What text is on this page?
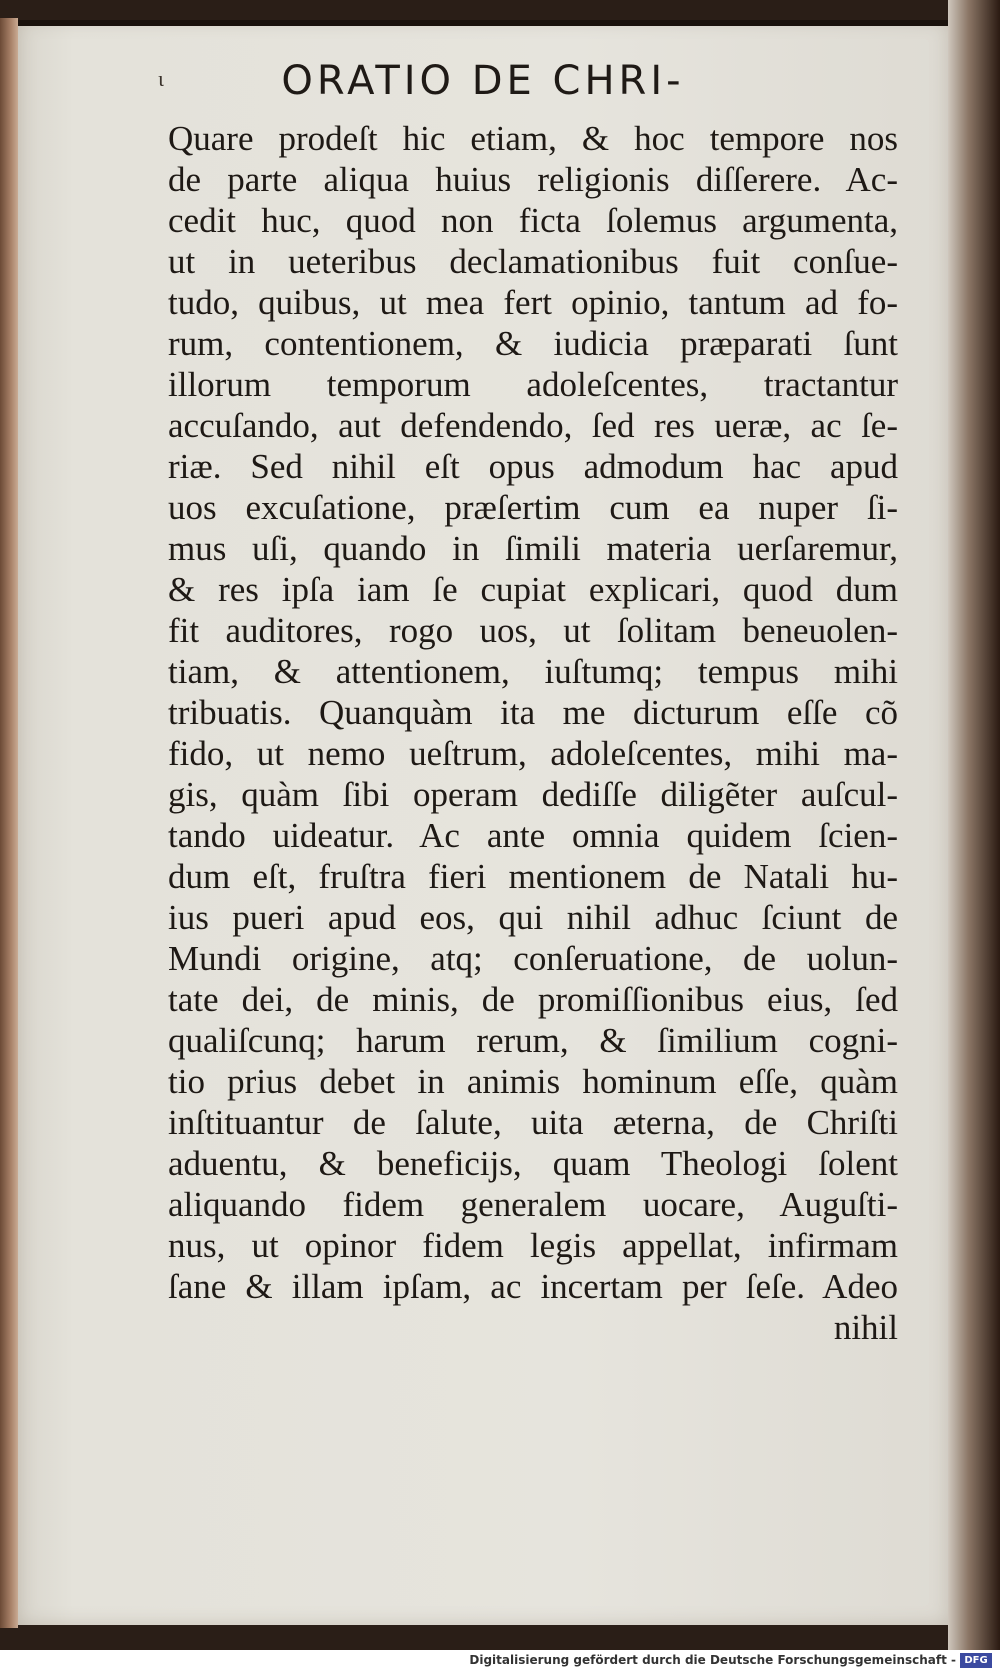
ι	ORATIO DE CHRI-
Quare prodeſt hic etiam, & hoc tempore nos
de parte aliqua huius religionis diſſerere. Ac-
cedit huc, quod non ficta ſolemus argumenta,
ut in ueteribus declamationibus fuit conſue-
tudo, quibus, ut mea fert opinio, tantum ad fo-
rum, contentionem, & iudicia præparati ſunt
illorum temporum adoleſcentes, tractantur
accuſando, aut defendendo, ſed res ueræ, ac ſe-
riæ. Sed nihil eſt opus admodum hac apud
uos excuſatione, præſertim cum ea nuper ſi-
mus uſi, quando in ſimili materia uerſaremur,
& res ipſa iam ſe cupiat explicari, quod dum
fit auditores, rogo uos, ut ſolitam beneuolen-
tiam, & attentionem, iuſtumq; tempus mihi
tribuatis. Quanquàm ita me dicturum eſſe cõ
fido, ut nemo ueſtrum, adoleſcentes, mihi ma-
gis, quàm ſibi operam dediſſe diligẽter auſcul-
tando uideatur. Ac ante omnia quidem ſcien-
dum eſt, fruſtra fieri mentionem de Natali hu-
ius pueri apud eos, qui nihil adhuc ſciunt de
Mundi origine, atq; conſeruatione, de uolun-
tate dei, de minis, de promiſſionibus eius, ſed
qualiſcunq; harum rerum, & ſimilium cogni-
tio prius debet in animis hominum eſſe, quàm
inſtituantur de ſalute, uita æterna, de Chriſti
aduentu, & beneficijs, quam Theologi ſolent
aliquando fidem generalem uocare, Auguſti-
nus, ut opinor fidem legis appellat, infirmam
ſane & illam ipſam, ac incertam per ſeſe. Adeo
nihil
Digitalisierung gefördert durch die Deutsche Forschungsgemeinschaft - DFG
